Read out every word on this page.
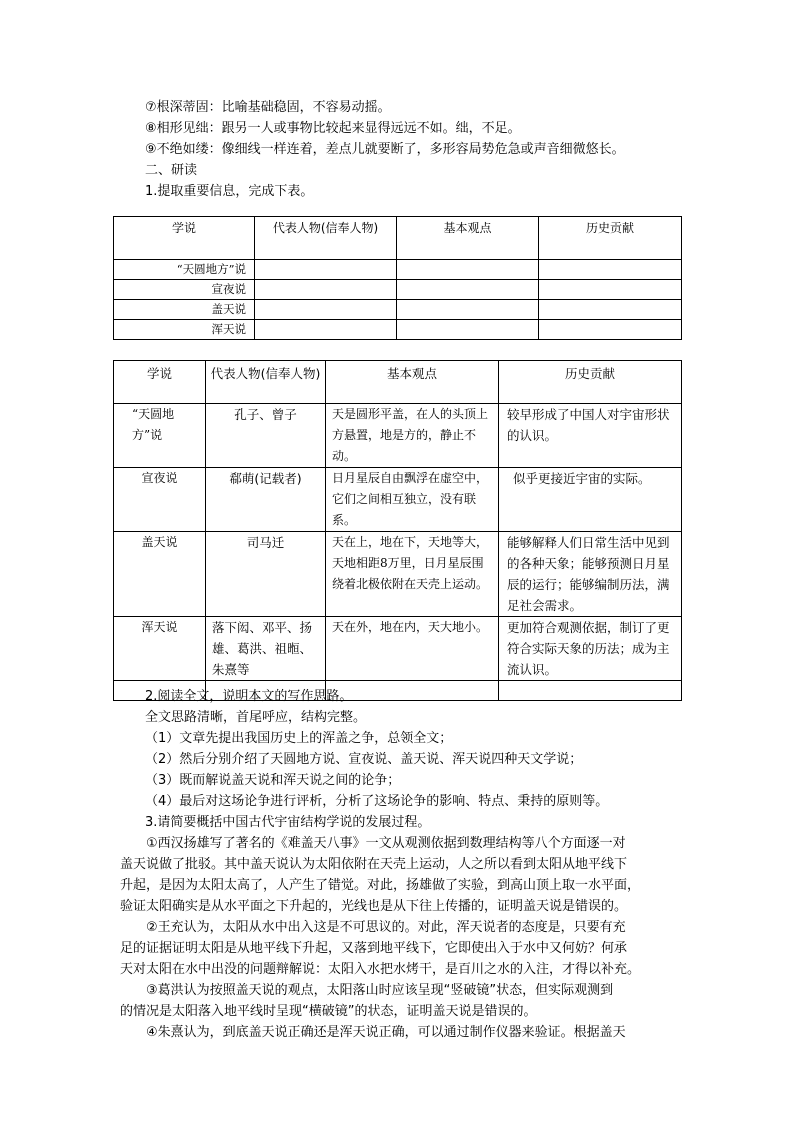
⑦根深蒂固：比喻基础稳固，不容易动摇。
⑧相形见绌：跟另一人或事物比较起来显得远远不如。绌，不足。
⑨不绝如缕：像细线一样连着，差点儿就要断了，多形容局势危急或声音细微悠长。
二、研读
1.提取重要信息，完成下表。
学说	代表人物(信奉人物)	基本观点	历史贡献
“天圆地方”说			
宣夜说			
盖天说			
浑天说			
学说	代表人物(信奉人物)	基本观点	历史贡献
“天圆地方”说	孔子、曾子	天是圆形平盖，在人的头顶上方悬置，地是方的，静止不动。	较早形成了中国人对宇宙形状的认识。
宣夜说	郗萌(记载者)	日月星辰自由飘浮在虚空中，它们之间相互独立，没有联系。	似乎更接近宇宙的实际。
盖天说	司马迁	天在上，地在下，天地等大，天地相距8万里，日月星辰围绕着北极依附在天壳上运动。	能够解释人们日常生活中见到的各种天象；能够预测日月星辰的运行；能够编制历法，满足社会需求。
浑天说	落下闳、邓平、扬雄、葛洪、祖暅、朱熹等	天在外，地在内，天大地小。	更加符合观测依据，制订了更符合实际天象的历法；成为主流认识。

2.阅读全文，说明本文的写作思路。
全文思路清晰，首尾呼应，结构完整。
（1）文章先提出我国历史上的浑盖之争，总领全文；
（2）然后分别介绍了天圆地方说、宣夜说、盖天说、浑天说四种天文学说；
（3）既而解说盖天说和浑天说之间的论争；
（4）最后对这场论争进行评析，分析了这场论争的影响、特点、秉持的原则等。
3.请简要概括中国古代宇宙结构学说的发展过程。
　　①西汉扬雄写了著名的《难盖天八事》一文从观测依据到数理结构等八个方面逐一对
盖天说做了批驳。其中盖天说认为太阳依附在天壳上运动，人之所以看到太阳从地平线下
升起，是因为太阳太高了，人产生了错觉。对此，扬雄做了实验，到高山顶上取一水平面，
验证太阳确实是从水平面之下升起的，光线也是从下往上传播的，证明盖天说是错误的。
　　②王充认为，太阳从水中出入这是不可思议的。对此，浑天说者的态度是，只要有充
足的证据证明太阳是从地平线下升起，又落到地平线下，它即使出入于水中又何妨？何承
天对太阳在水中出没的问题辩解说：太阳入水把水烤干，是百川之水的入注，才得以补充。
　　③葛洪认为按照盖天说的观点，太阳落山时应该呈现“竖破镜”状态，但实际观测到
的情况是太阳落入地平线时呈现“横破镜”的状态，证明盖天说是错误的。
　　④朱熹认为，到底盖天说正确还是浑天说正确，可以通过制作仪器来验证。根据盖天
